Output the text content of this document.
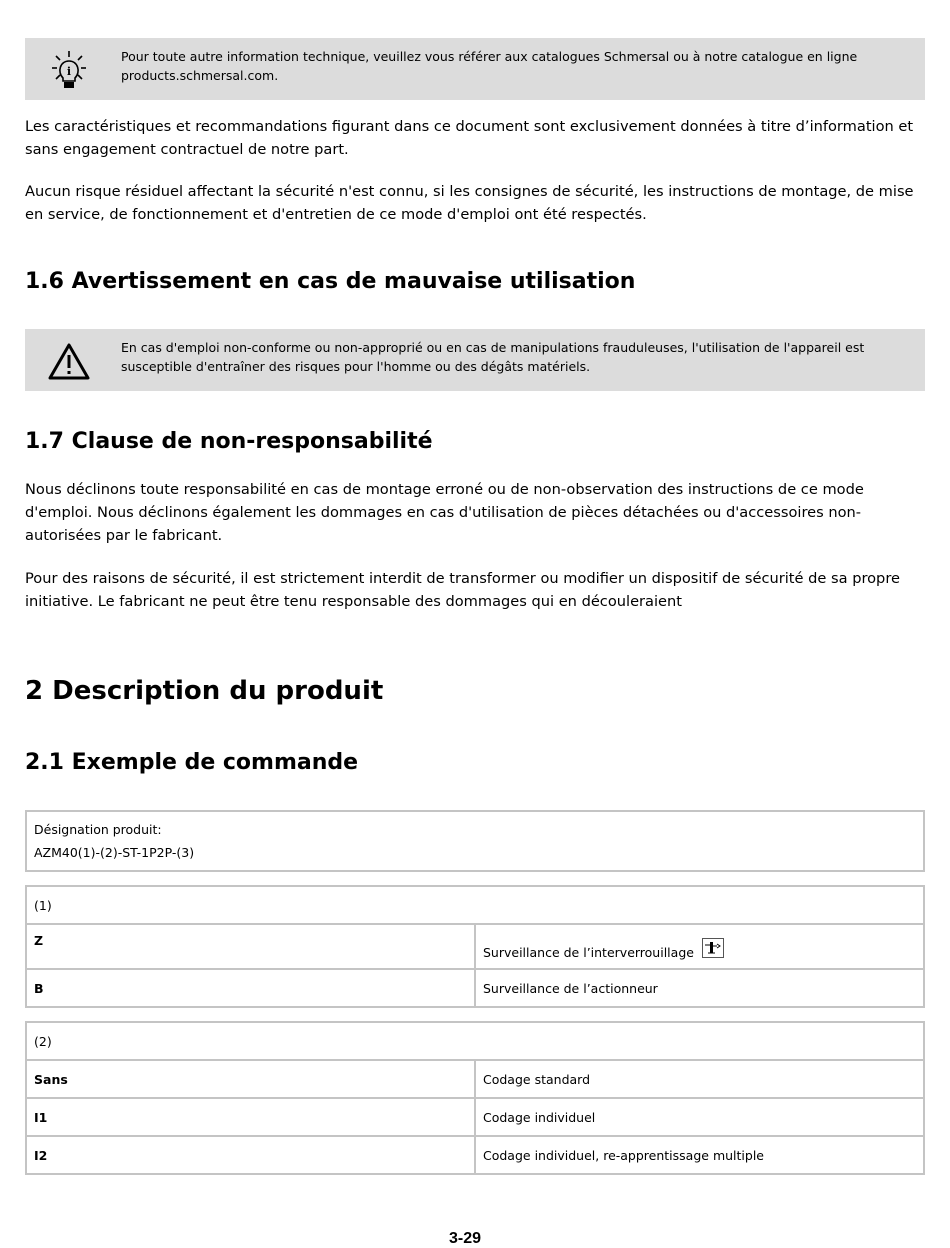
i
Pour toute autre information technique, veuillez vous référer aux catalogues Schmersal ou à notre catalogue en ligne
products.schmersal.com.

Les caractéristiques et recommandations figurant dans ce document sont exclusivement données à titre d’information et sans engagement contractuel de notre part.

Aucun risque résiduel affectant la sécurité n'est connu, si les consignes de sécurité, les instructions de montage, de mise en service, de fonctionnement et d'entretien de ce mode d'emploi ont été respectés.

1.6 Avertissement en cas de mauvaise utilisation
En cas d'emploi non-conforme ou non-approprié ou en cas de manipulations frauduleuses, l'utilisation de l'appareil est
susceptible d'entraîner des risques pour l'homme ou des dégâts matériels.
1.7 Clause de non-responsabilité

Nous déclinons toute responsabilité en cas de montage erroné ou de non-observation des instructions de ce mode d'emploi. Nous déclinons également les dommages en cas d'utilisation de pièces détachées ou d'accessoires non-autorisées par le fabricant.

Pour des raisons de sécurité, il est strictement interdit de transformer ou modifier un dispositif de sécurité de sa propre initiative. Le fabricant ne peut être tenu responsable des dommages qui en découleraient

2 Description du produit
2.1 Exemple de commande
Désignation produit:
AZM40(1)-(2)-ST-1P2P-(3)
(1)	
Z	Surveillance de l’interverrouillage
B	Surveillance de l’actionneur
(2)	
Sans	Codage standard
I1	Codage individuel
I2	Codage individuel, re-apprentissage multiple
3-29
